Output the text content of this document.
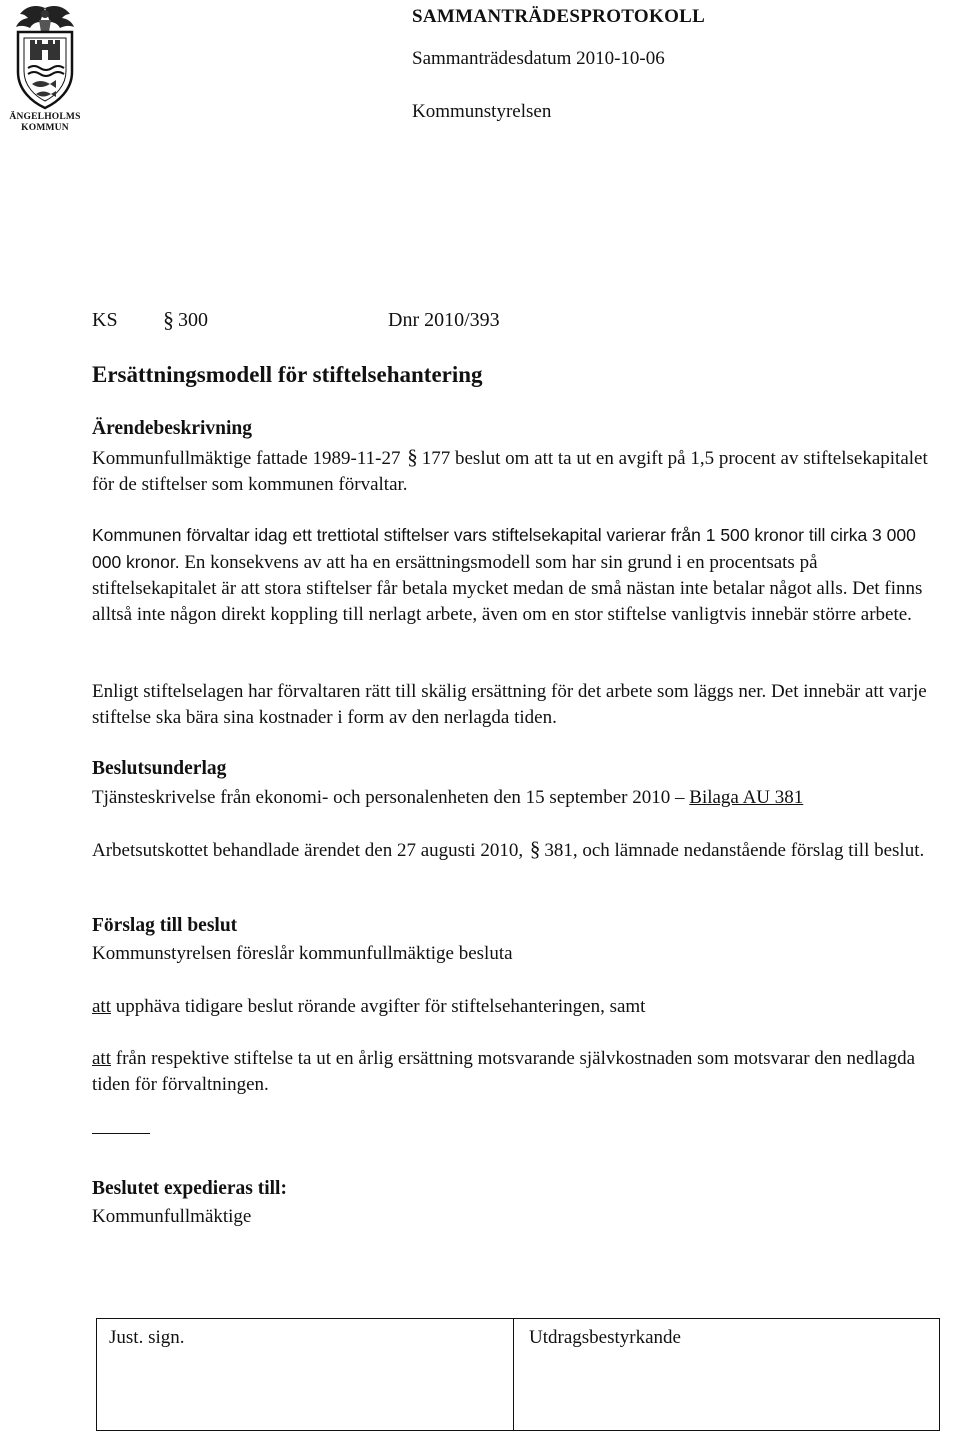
ÄNGELHOLMS
KOMMUN
SAMMANTRÄDESPROTOKOLL
Sammanträdesdatum 2010-10-06
Kommunstyrelsen
KS § 300	Dnr 2010/393
Ersättningsmodell för stiftelsehantering
Ärendebeskrivning
Kommunfullmäktige fattade 1989-11-27 § 177 beslut om att ta ut en avgift på 1,5 procent av stiftelsekapitalet för de stiftelser som kommunen förvaltar.
Kommunen förvaltar idag ett trettiotal stiftelser vars stiftelsekapital varierar från 1 500 kronor till cirka 3 000 000 kronor. En konsekvens av att ha en ersättningsmodell som har sin grund i en procentsats på stiftelsekapitalet är att stora stiftelser får betala mycket medan de små nästan inte betalar något alls. Det finns alltså inte någon direkt koppling till nerlagt arbete, även om en stor stiftelse vanligtvis innebär större arbete.
Enligt stiftelselagen har förvaltaren rätt till skälig ersättning för det arbete som läggs ner. Det innebär att varje stiftelse ska bära sina kostnader i form av den nerlagda tiden.
Beslutsunderlag
Tjänsteskrivelse från ekonomi- och personalenheten den 15 september 2010 – Bilaga AU 381
Arbetsutskottet behandlade ärendet den 27 augusti 2010, § 381, och lämnade nedanstående förslag till beslut.
Förslag till beslut
Kommunstyrelsen föreslår kommunfullmäktige besluta
att upphäva tidigare beslut rörande avgifter för stiftelsehanteringen, samt
att från respektive stiftelse ta ut en årlig ersättning motsvarande självkostnaden som motsvarar den nedlagda tiden för förvaltningen.
Beslutet expedieras till:
Kommunfullmäktige
Just. sign.	Utdragsbestyrkande
